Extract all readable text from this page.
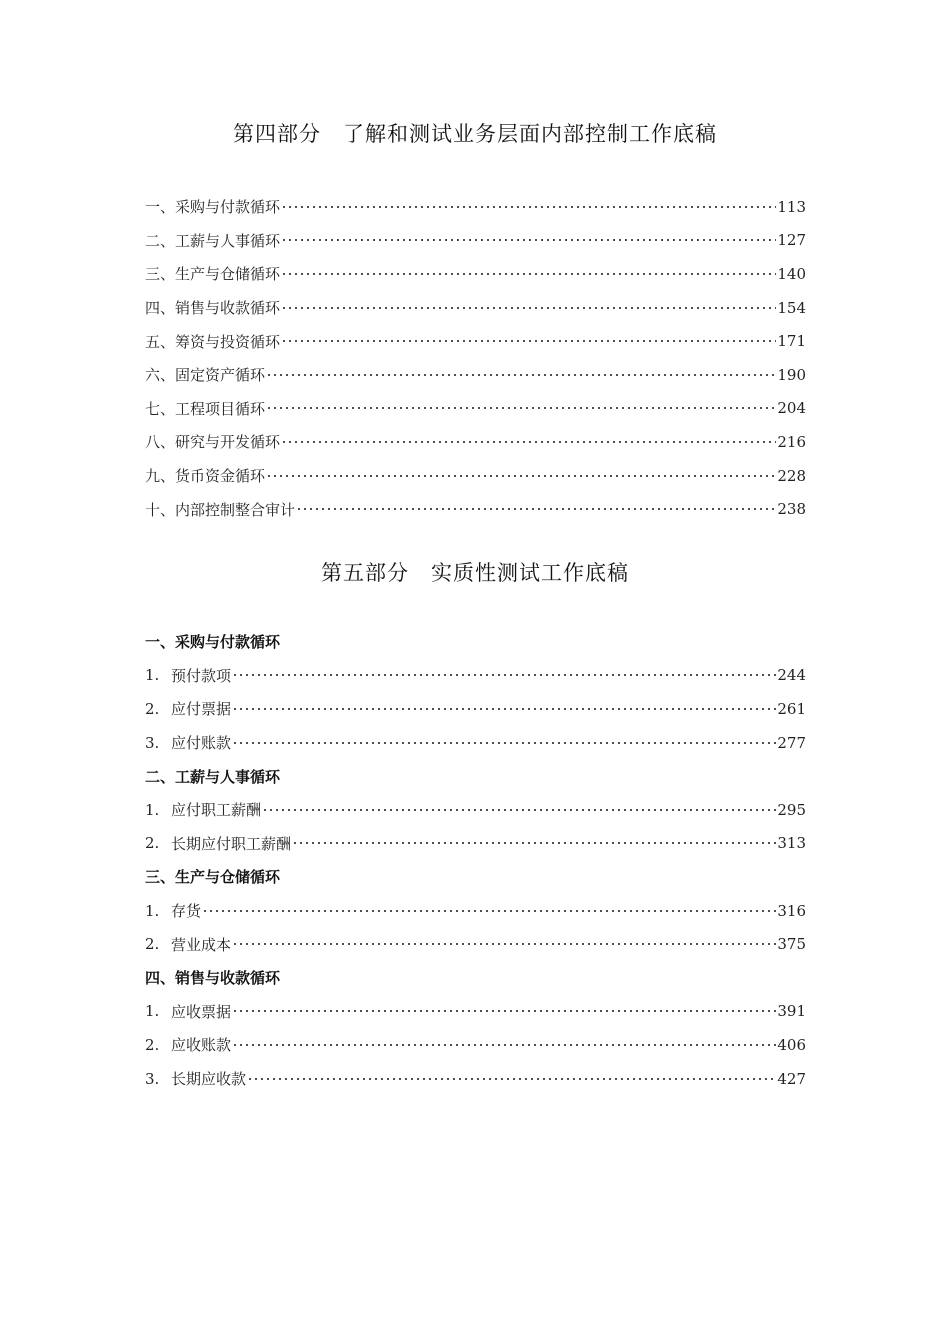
第四部分　了解和测试业务层面内部控制工作底稿
一、采购与付款循环	113
二、工薪与人事循环	127
三、生产与仓储循环	140
四、销售与收款循环	154
五、筹资与投资循环	171
六、固定资产循环	190
七、工程项目循环	204
八、研究与开发循环	216
九、货币资金循环	228
十、内部控制整合审计	238
第五部分　实质性测试工作底稿
一、采购与付款循环
1. 预付款项	244
2. 应付票据	261
3. 应付账款	277
二、工薪与人事循环
1. 应付职工薪酬	295
2. 长期应付职工薪酬	313
三、生产与仓储循环
1. 存货	316
2. 营业成本	375
四、销售与收款循环
1. 应收票据	391
2. 应收账款	406
3. 长期应收款	427
